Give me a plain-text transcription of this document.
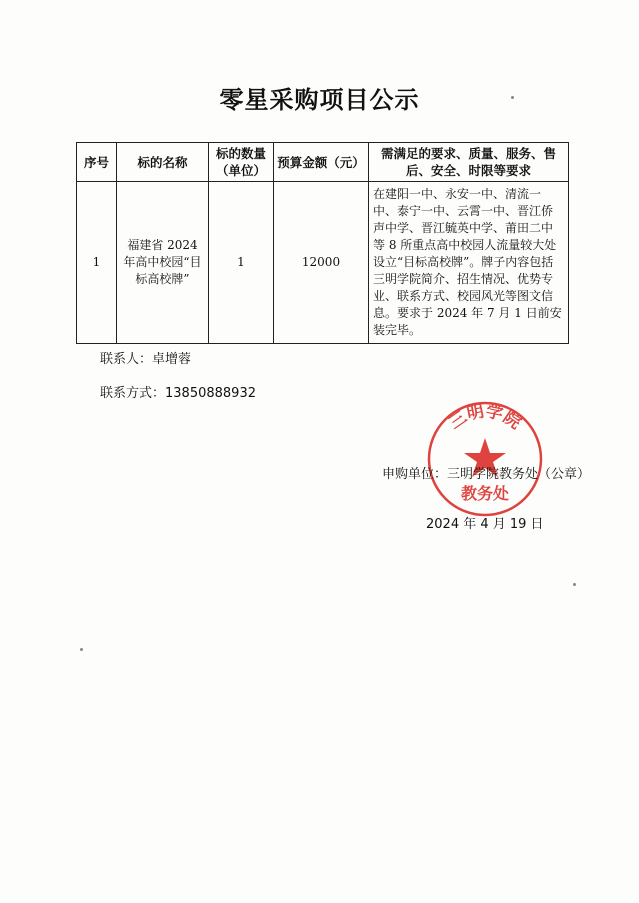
零星采购项目公示
序号	标的名称	标的数量（单位）	预算金额（元）	需满足的要求、质量、服务、售后、安全、时限等要求
1	福建省 2024 年高中校园“目标高校牌”	1	12000	在建阳一中、永安一中、清流一中、泰宁一中、云霄一中、晋江侨声中学、晋江毓英中学、莆田二中等 8 所重点高中校园人流量较大处设立“目标高校牌”。牌子内容包括三明学院简介、招生情况、优势专业、联系方式、校园风光等图文信息。要求于 2024 年 7 月 1 日前安装完毕。
联系人：卓增蓉
联系方式：13850888932
三明学院
教务处
申购单位：三明学院教务处（公章）
2024 年 4 月 19 日
